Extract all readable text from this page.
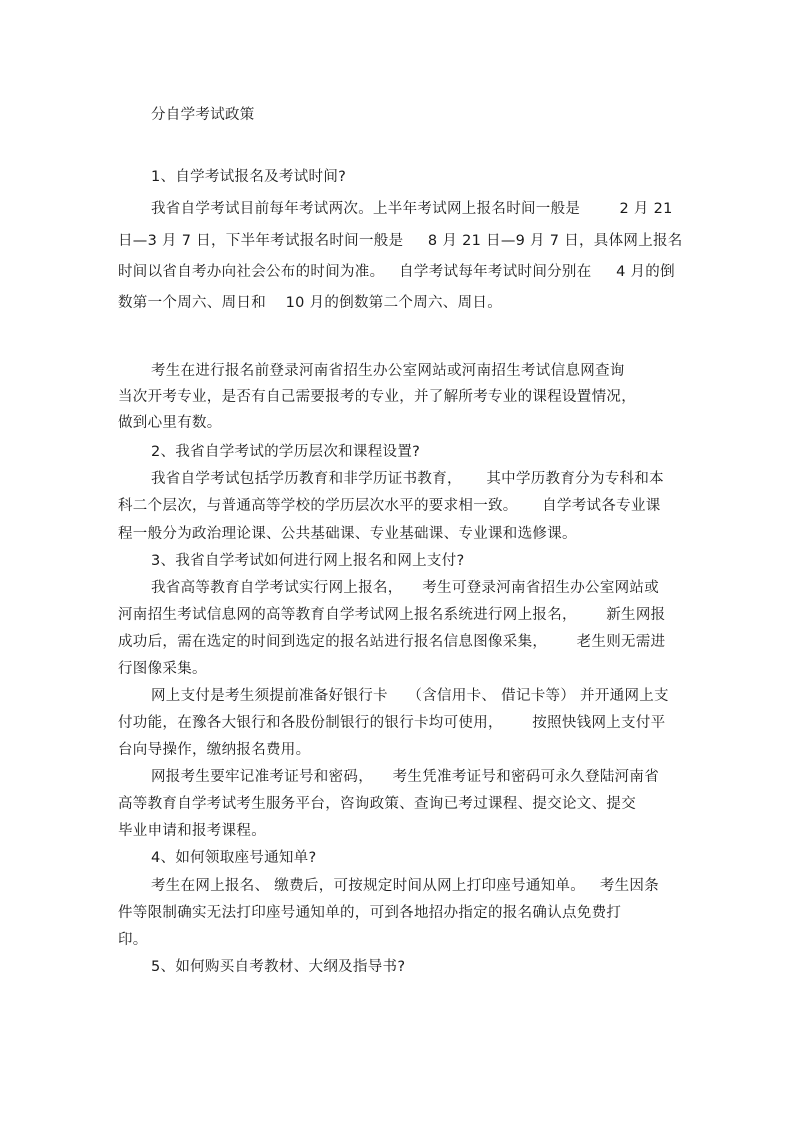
分自学考试政策
1、自学考试报名及考试时间?
我省自学考试目前每年考试两次。上半年考试网上报名时间一般是        2 月 21
日—3 月 7 日，下半年考试报名时间一般是     8 月 21 日—9 月 7 日，具体网上报名
时间以省自考办向社会公布的时间为准。   自学考试每年考试时间分别在     4 月的倒
数第一个周六、周日和    10 月的倒数第二个周六、周日。
考生在进行报名前登录河南省招生办公室网站或河南招生考试信息网查询
当次开考专业，是否有自己需要报考的专业，并了解所考专业的课程设置情况，
做到心里有数。
2、我省自学考试的学历层次和课程设置?
我省自学考试包括学历教育和非学历证书教育，     其中学历教育分为专科和本
科二个层次，与普通高等学校的学历层次水平的要求相一致。     自学考试各专业课
程一般分为政治理论课、公共基础课、专业基础课、专业课和选修课。
3、我省自学考试如何进行网上报名和网上支付?
我省高等教育自学考试实行网上报名，    考生可登录河南省招生办公室网站或
河南招生考试信息网的高等教育自学考试网上报名系统进行网上报名，      新生网报
成功后，需在选定的时间到选定的报名站进行报名信息图像采集，      老生则无需进
行图像采集。
网上支付是考生须提前准备好银行卡    （含信用卡、 借记卡等） 并开通网上支
付功能，在豫各大银行和各股份制银行的银行卡均可使用，      按照快钱网上支付平
台向导操作，缴纳报名费用。
网报考生要牢记准考证号和密码，    考生凭准考证号和密码可永久登陆河南省
高等教育自学考试考生服务平台，咨询政策、查询已考过课程、提交论文、提交
毕业申请和报考课程。
4、如何领取座号通知单?
考生在网上报名、 缴费后，可按规定时间从网上打印座号通知单。   考生因条
件等限制确实无法打印座号通知单的，可到各地招办指定的报名确认点免费打
印。
5、如何购买自考教材、大纲及指导书?
